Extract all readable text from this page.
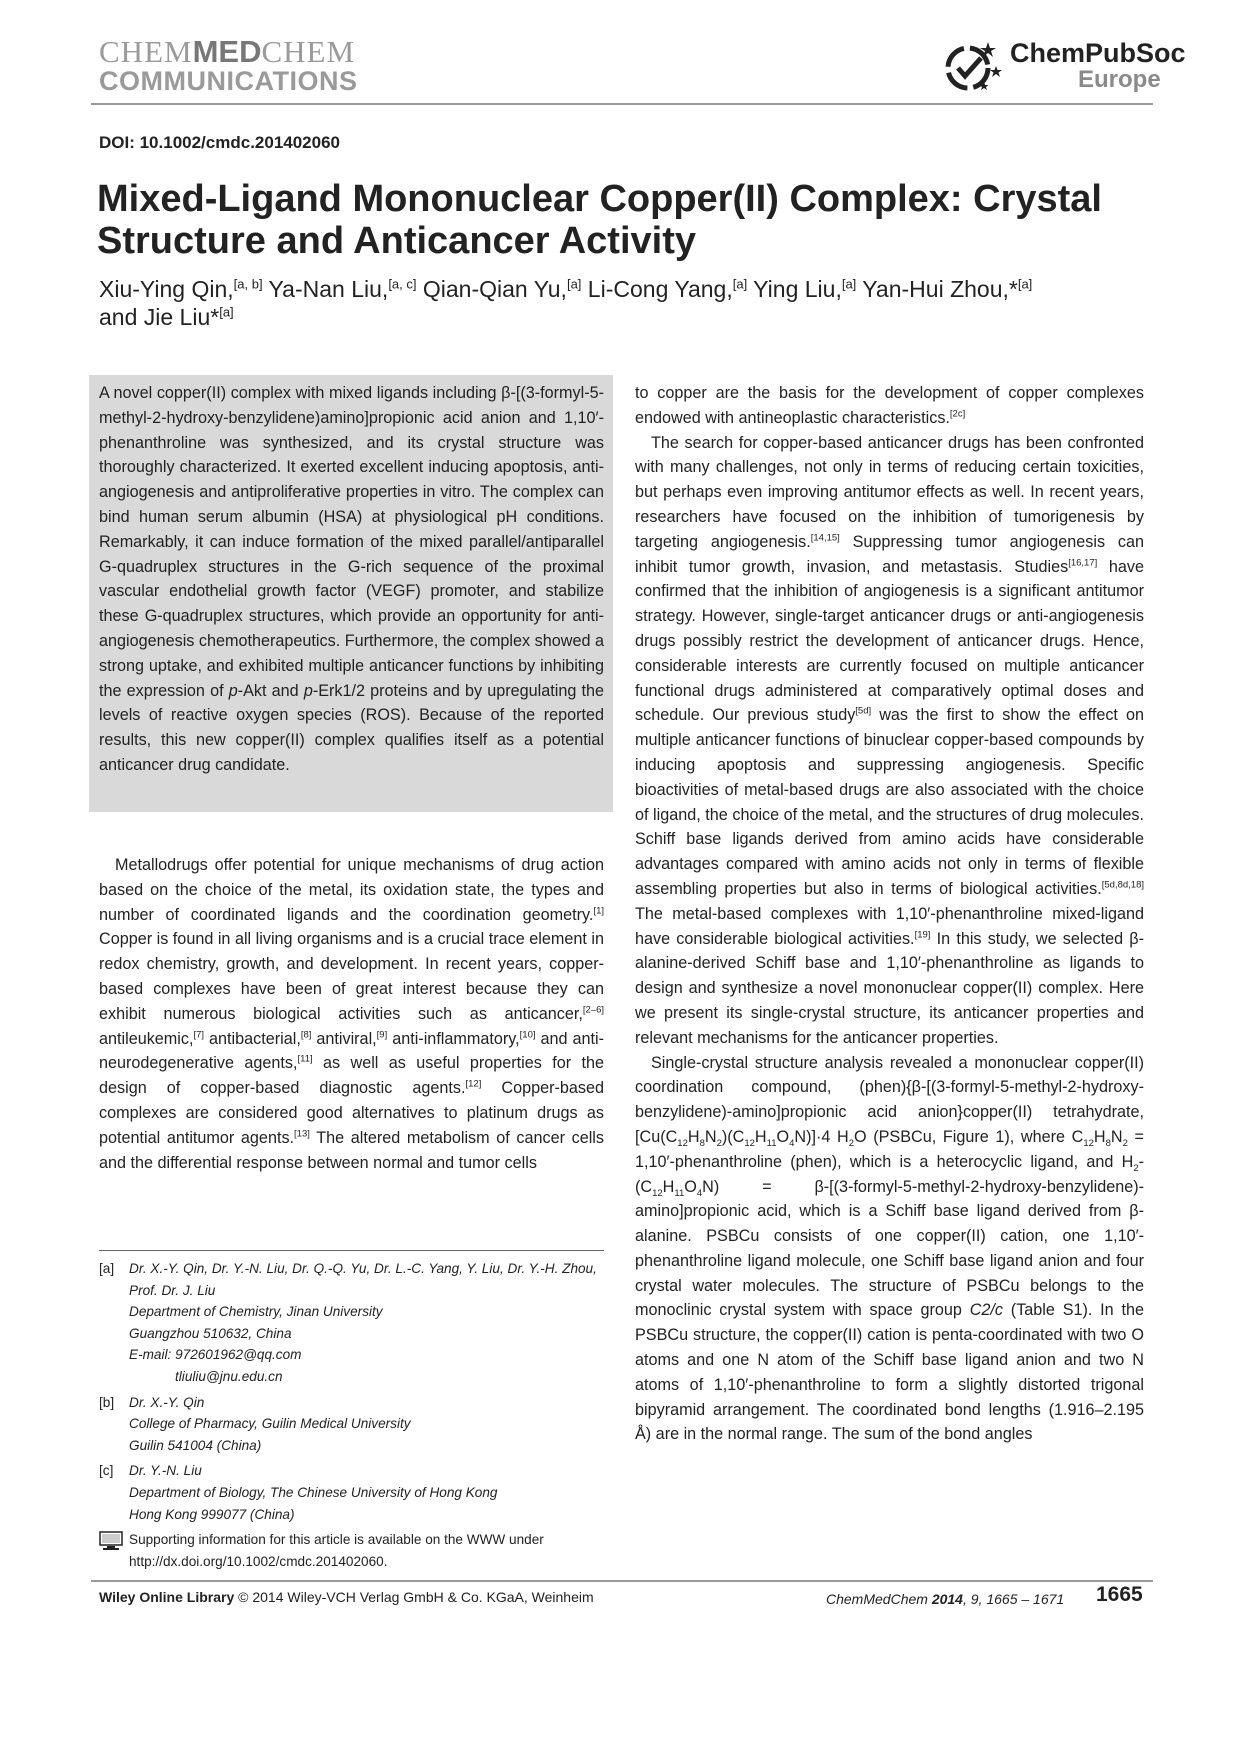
CHEMMEDCHEM
COMMUNICATIONS
ChemPubSoc
Europe
DOI: 10.1002/cmdc.201402060
Mixed-Ligand Mononuclear Copper(II) Complex: Crystal Structure and Anticancer Activity
Xiu-Ying Qin,[a, b] Ya-Nan Liu,[a, c] Qian-Qian Yu,[a] Li-Cong Yang,[a] Ying Liu,[a] Yan-Hui Zhou,*[a]
and Jie Liu*[a]
A novel copper(II) complex with mixed ligands including β-[(3-formyl-5-methyl-2-hydroxy-benzylidene)amino]propionic acid anion and 1,10′-phenanthroline was synthesized, and its crystal structure was thoroughly characterized. It exerted excellent inducing apoptosis, anti-angiogenesis and antiproliferative properties in vitro. The complex can bind human serum albumin (HSA) at physiological pH conditions. Remarkably, it can induce formation of the mixed parallel/antiparallel G-quadruplex structures in the G-rich sequence of the proximal vascular endothelial growth factor (VEGF) promoter, and stabilize these G-quadruplex structures, which provide an opportunity for anti-angiogenesis chemotherapeutics. Furthermore, the complex showed a strong uptake, and exhibited multiple anticancer functions by inhibiting the expression of p-Akt and p-Erk1/2 proteins and by upregulating the levels of reactive oxygen species (ROS). Because of the reported results, this new copper(II) complex qualifies itself as a potential anticancer drug candidate.

Metallodrugs offer potential for unique mechanisms of drug action based on the choice of the metal, its oxidation state, the types and number of coordinated ligands and the coordination geometry.[1] Copper is found in all living organisms and is a crucial trace element in redox chemistry, growth, and development. In recent years, copper-based complexes have been of great interest because they can exhibit numerous biological activities such as anticancer,[2–6] antileukemic,[7] antibacterial,[8] antiviral,[9] anti-inflammatory,[10] and anti-neurodegenerative agents,[11] as well as useful properties for the design of copper-based diagnostic agents.[12] Copper-based complexes are considered good alternatives to platinum drugs as potential antitumor agents.[13] The altered metabolism of cancer cells and the differential response between normal and tumor cells

to copper are the basis for the development of copper complexes endowed with antineoplastic characteristics.[2c]

The search for copper-based anticancer drugs has been confronted with many challenges, not only in terms of reducing certain toxicities, but perhaps even improving antitumor effects as well. In recent years, researchers have focused on the inhibition of tumorigenesis by targeting angiogenesis.[14,15] Suppressing tumor angiogenesis can inhibit tumor growth, invasion, and metastasis. Studies[16,17] have confirmed that the inhibition of angiogenesis is a significant antitumor strategy. However, single-target anticancer drugs or anti-angiogenesis drugs possibly restrict the development of anticancer drugs. Hence, considerable interests are currently focused on multiple anticancer functional drugs administered at comparatively optimal doses and schedule. Our previous study[5d] was the first to show the effect on multiple anticancer functions of binuclear copper-based compounds by inducing apoptosis and suppressing angiogenesis. Specific bioactivities of metal-based drugs are also associated with the choice of ligand, the choice of the metal, and the structures of drug molecules. Schiff base ligands derived from amino acids have considerable advantages compared with amino acids not only in terms of flexible assembling properties but also in terms of biological activities.[5d,8d,18] The metal-based complexes with 1,10′-phenanthroline mixed-ligand have considerable biological activities.[19] In this study, we selected β-alanine-derived Schiff base and 1,10′-phenanthroline as ligands to design and synthesize a novel mononuclear copper(II) complex. Here we present its single-crystal structure, its anticancer properties and relevant mechanisms for the anticancer properties.

Single-crystal structure analysis revealed a mononuclear copper(II) coordination compound, (phen){β-[(3-formyl-5-methyl-2-hydroxy-benzylidene)-amino]propionic acid anion}copper(II) tetrahydrate, $[Cu(C_{12}H_8N_2)(C_{12}H_{11}O_4N)]\cdot 4$ $H_2O$ (PSBCu, Figure 1), where $C_{12}H_8N_2$ = 1,10′-phenanthroline (phen), which is a heterocyclic ligand, and $H_2-(C_{12}H_{11}O_4N)$ = β-[(3-formyl-5-methyl-2-hydroxy-benzylidene)-amino]propionic acid, which is a Schiff base ligand derived from β-alanine. PSBCu consists of one copper(II) cation, one 1,10′-phenanthroline ligand molecule, one Schiff base ligand anion and four crystal water molecules. The structure of PSBCu belongs to the monoclinic crystal system with space group C2/c (Table S1). In the PSBCu structure, the copper(II) cation is penta-coordinated with two O atoms and one N atom of the Schiff base ligand anion and two N atoms of 1,10′-phenanthroline to form a slightly distorted trigonal bipyramid arrangement. The coordinated bond lengths (1.916–2.195 Å) are in the normal range. The sum of the bond angles

[a]	Dr. X.-Y. Qin, Dr. Y.-N. Liu, Dr. Q.-Q. Yu, Dr. L.-C. Yang, Y. Liu, Dr. Y.-H. Zhou,
Prof. Dr. J. Liu
Department of Chemistry, Jinan University
Guangzhou 510632, China
E-mail: 972601962@qq.com
tliuliu@jnu.edu.cn
[b]	Dr. X.-Y. Qin
College of Pharmacy, Guilin Medical University
Guilin 541004 (China)
[c]	Dr. Y.-N. Liu
Department of Biology, The Chinese University of Hong Kong
Hong Kong 999077 (China)
Supporting information for this article is available on the WWW under
http://dx.doi.org/10.1002/cmdc.201402060.
Wiley Online Library © 2014 Wiley-VCH Verlag GmbH & Co. KGaA, Weinheim	ChemMedChem 2014, 9, 1665 – 1671 1665
